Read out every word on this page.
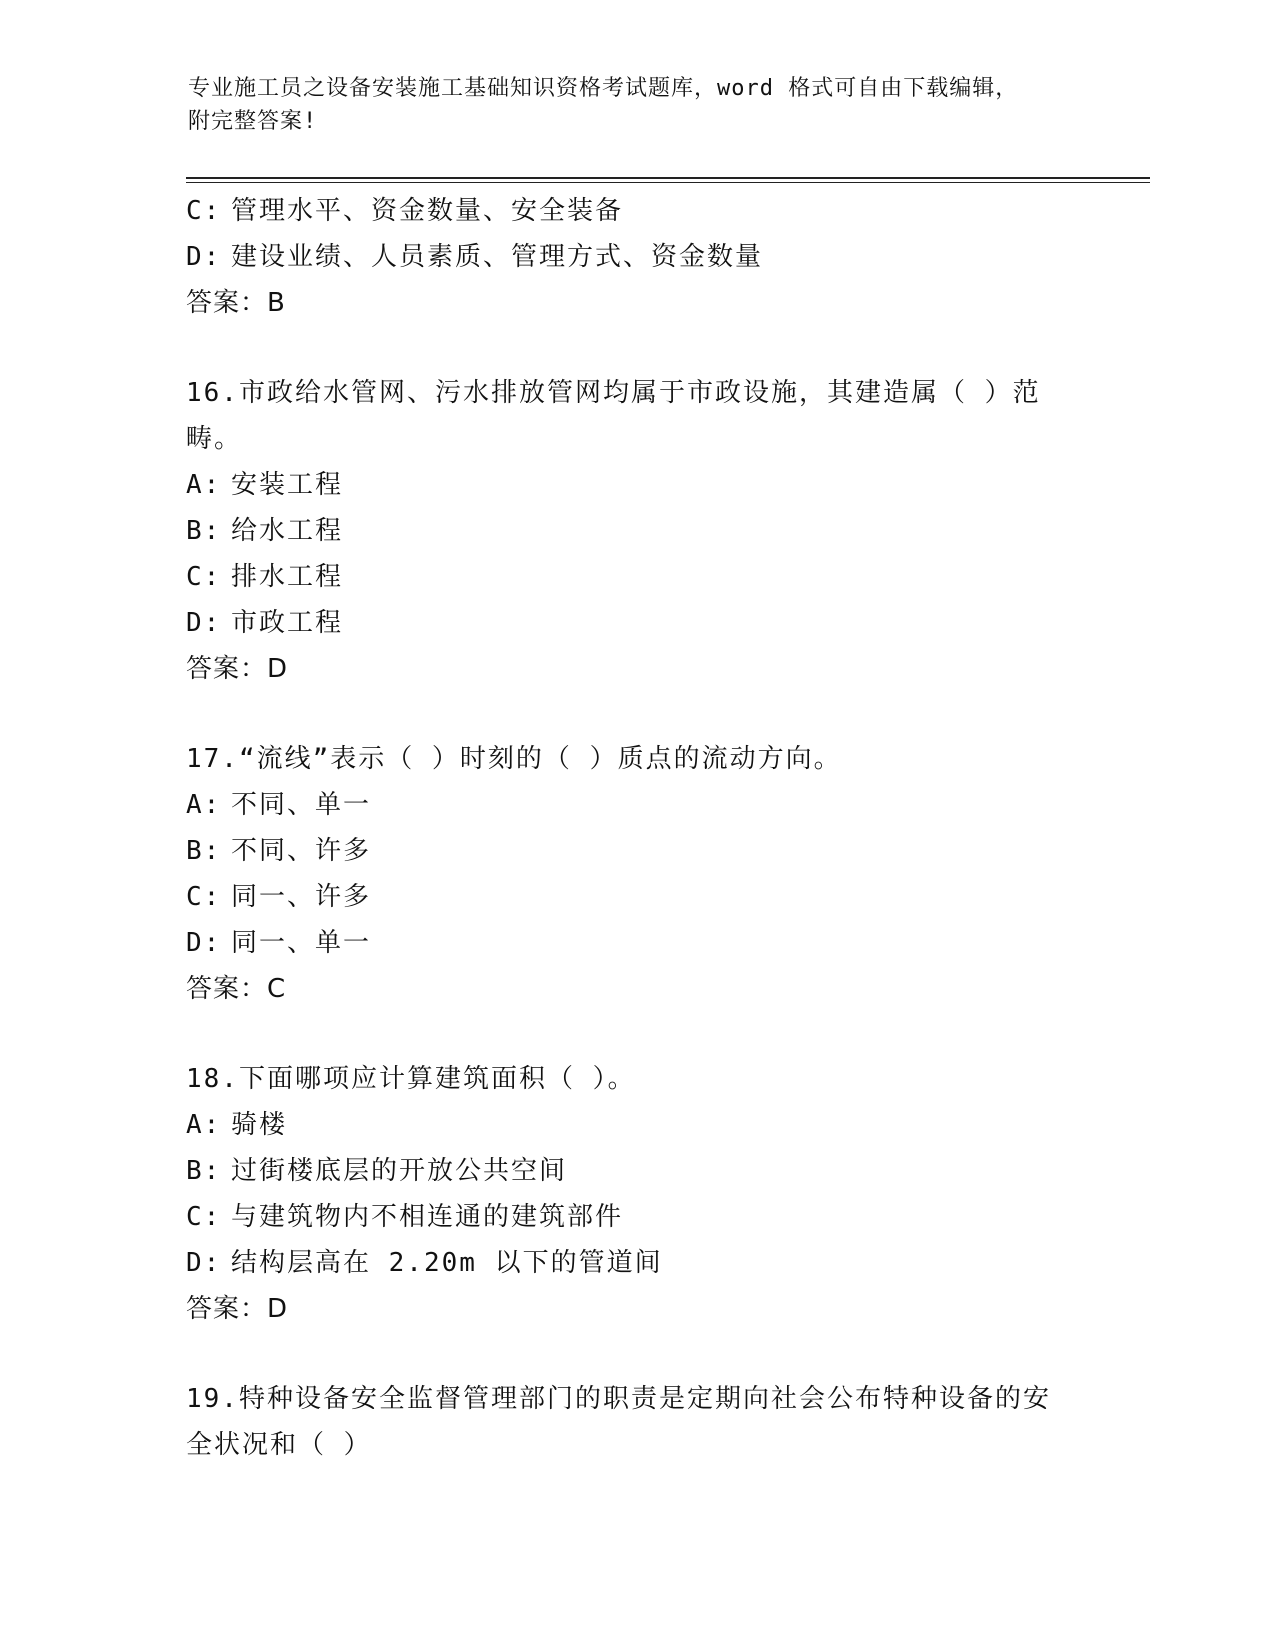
专业施工员之设备安装施工基础知识资格考试题库，word 格式可自由下载编辑，
附完整答案!
C: 管理水平、资金数量、安全装备
D: 建设业绩、人员素质、管理方式、资金数量
答案：B
16.市政给水管网、污水排放管网均属于市政设施，其建造属（ ）范
畴。
A: 安装工程
B: 给水工程
C: 排水工程
D: 市政工程
答案：D
17.“流线”表示（ ）时刻的（ ）质点的流动方向。
A: 不同、单一
B: 不同、许多
C: 同一、许多
D: 同一、单一
答案：C
18.下面哪项应计算建筑面积（ ）。
A: 骑楼
B: 过街楼底层的开放公共空间
C: 与建筑物内不相连通的建筑部件
D: 结构层高在 2.20m 以下的管道间
答案：D
19.特种设备安全监督管理部门的职责是定期向社会公布特种设备的安
全状况和（ ）
